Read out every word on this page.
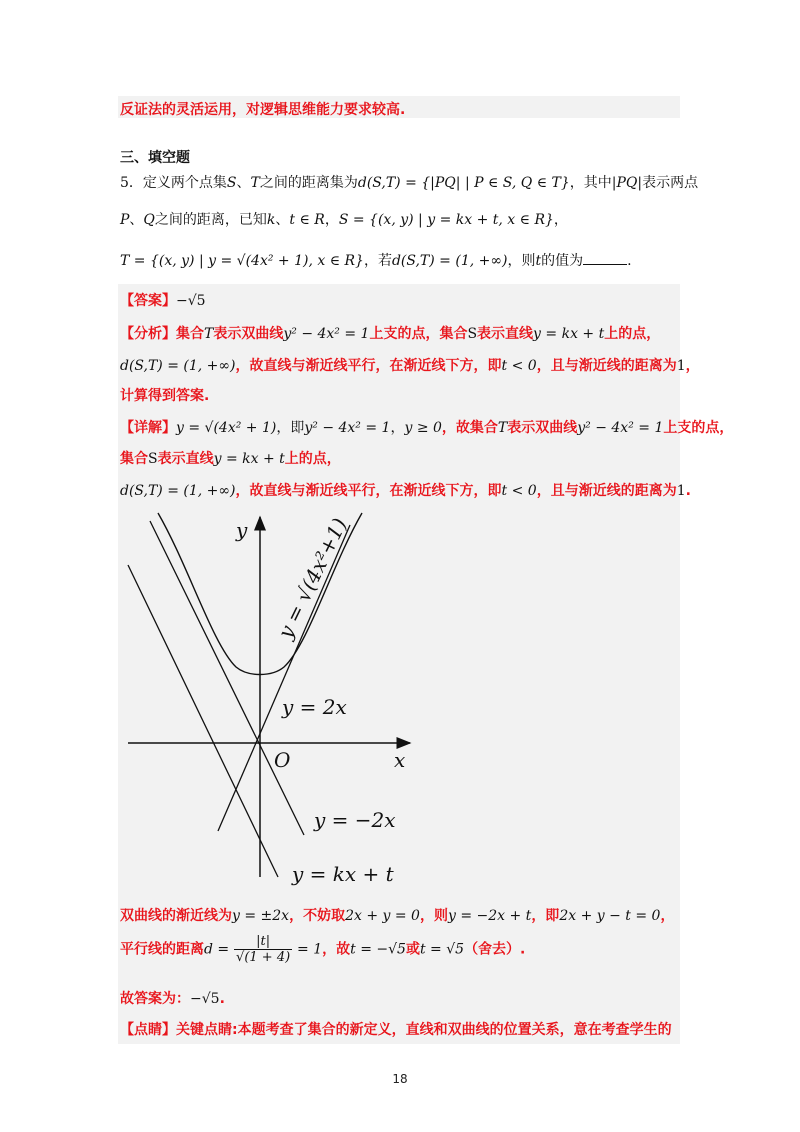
反证法的灵活运用，对逻辑思维能力要求较高.
三、填空题
5．定义两个点集S、T之间的距离集为d(S,T) = {|PQ| | P ∈ S, Q ∈ T}，其中|PQ|表示两点
P、Q之间的距离，已知k、t ∈ R，S = {(x, y) | y = kx + t, x ∈ R}，
T = {(x, y) | y = √(4x² + 1), x ∈ R}，若d(S,T) = (1, +∞)，则t的值为	.
【答案】−√5
【分析】集合T表示双曲线y² − 4x² = 1上支的点，集合S表示直线y = kx + t上的点，
d(S,T) = (1, +∞)，故直线与渐近线平行，在渐近线下方，即t < 0，且与渐近线的距离为1，
计算得到答案.
【详解】y = √(4x² + 1)，即y² − 4x² = 1，y ≥ 0，故集合T表示双曲线y² − 4x² = 1上支的点，
集合S表示直线y = kx + t上的点，
d(S,T) = (1, +∞)，故直线与渐近线平行，在渐近线下方，即t < 0，且与渐近线的距离为1.
y
x
O
y = √(4x²+1)
y = 2x
y = −2x
y = kx + t
双曲线的渐近线为y = ±2x，不妨取2x + y = 0，则y = −2x + t，即2x + y − t = 0，
平行线的距离$d = \frac{|t|}{√(1 + 4)} = 1$，故t = −√5或t = √5（舍去）.
故答案为：−√5.
【点睛】关键点睛:本题考查了集合的新定义，直线和双曲线的位置关系，意在考查学生的
18
